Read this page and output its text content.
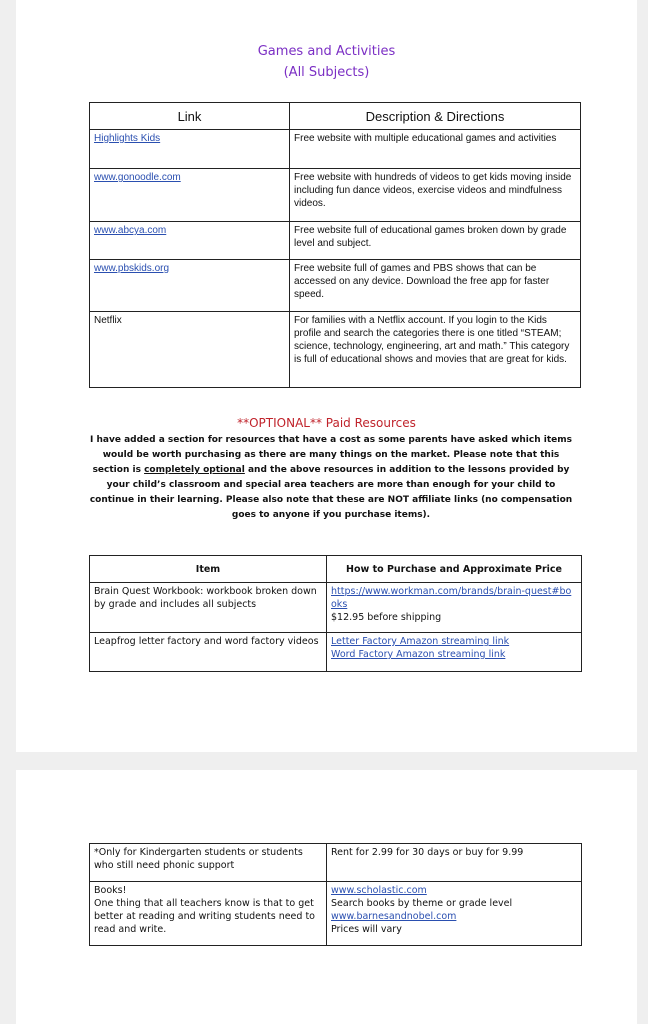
Games and Activities
(All Subjects)
Link	Description & Directions
Highlights Kids	Free website with multiple educational games and activities
www.gonoodle.com	Free website with hundreds of videos to get kids moving inside including fun dance videos, exercise videos and mindfulness videos.
www.abcya.com	Free website full of educational games broken down by grade level and subject.
www.pbskids.org	Free website full of games and PBS shows that can be accessed on any device. Download the free app for faster speed.
Netflix	For families with a Netflix account. If you login to the Kids profile and search the categories there is one titled “STEAM; science, technology, engineering, art and math.” This category is full of educational shows and movies that are great for kids.
**OPTIONAL** Paid Resources
I have added a section for resources that have a cost as some parents have asked which items would be worth purchasing as there are many things on the market. Please note that this section is completely optional and the above resources in addition to the lessons provided by your child’s classroom and special area teachers are more than enough for your child to continue in their learning. Please also note that these are NOT affiliate links (no compensation goes to anyone if you purchase items).
Item	How to Purchase and Approximate Price
Brain Quest Workbook: workbook broken down by grade and includes all subjects	https://www.workman.com/brands/brain-quest#books
$12.95 before shipping

Leapfrog letter factory and word factory videos	Letter Factory Amazon streaming link
Word Factory Amazon streaming link
*Only for Kindergarten students or students who still need phonic support	Rent for 2.99 for 30 days or buy for 9.99

Books!
One thing that all teachers know is that to get better at reading and writing students need to read and write.	www.scholastic.com
Search books by theme or grade level
www.barnesandnobel.com
Prices will vary
